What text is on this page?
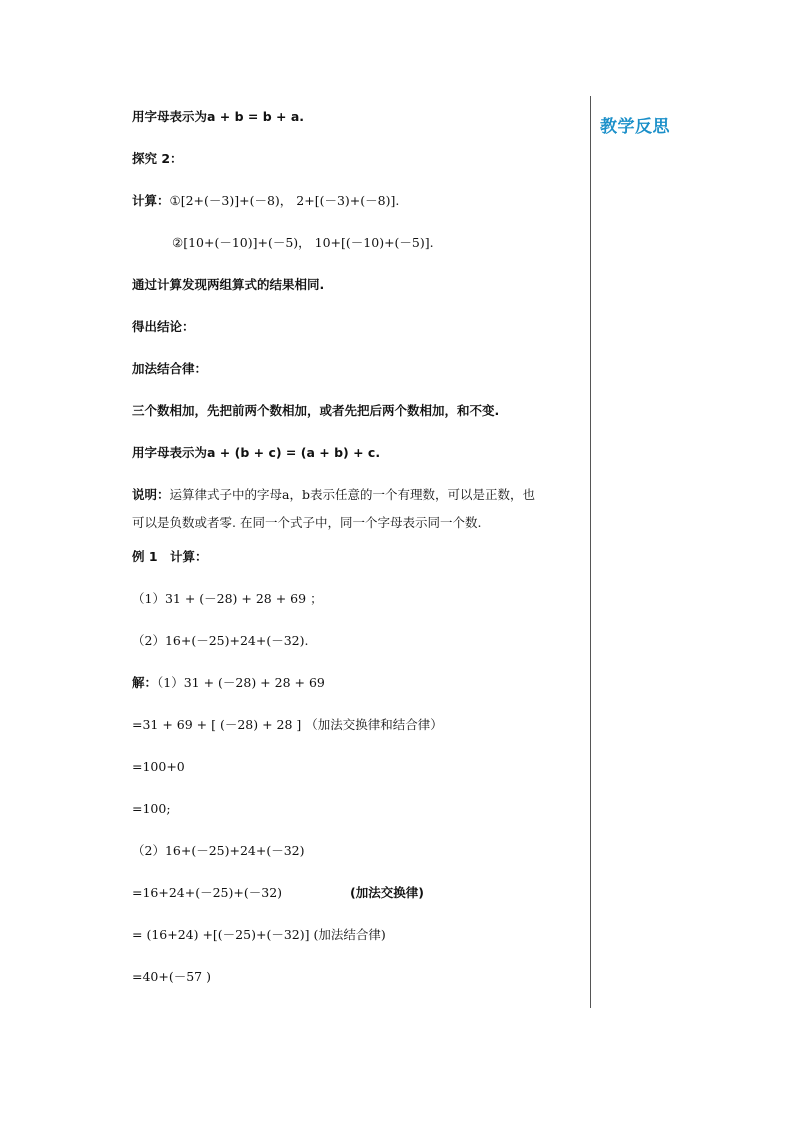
用字母表示为a + b = b + a.
探究 2：
计算：①[2+(－3)]+(－8)， 2+[(－3)+(－8)].
②[10+(－10)]+(－5)， 10+[(－10)+(－5)].
通过计算发现两组算式的结果相同.
得出结论：
加法结合律：
三个数相加，先把前两个数相加，或者先把后两个数相加，和不变.
用字母表示为a + (b + c) = (a + b) + c.
说明：运算律式子中的字母a，b表示任意的一个有理数，可以是正数，也
可以是负数或者零. 在同一个式子中，同一个字母表示同一个数.
例 1　计算：
（1）31 + (－28) + 28 + 69 ；
（2）16+(－25)+24+(－32).
解：（1）31 + (－28) + 28 + 69
=31 + 69 + [ (－28) + 28 ] （加法交换律和结合律）
=100+0
=100;
（2）16+(－25)+24+(－32)
=16+24+(－25)+(－32)	(加法交换律)
= (16+24) +[(－25)+(－32)] (加法结合律)
=40+(－57 )
教学反思
